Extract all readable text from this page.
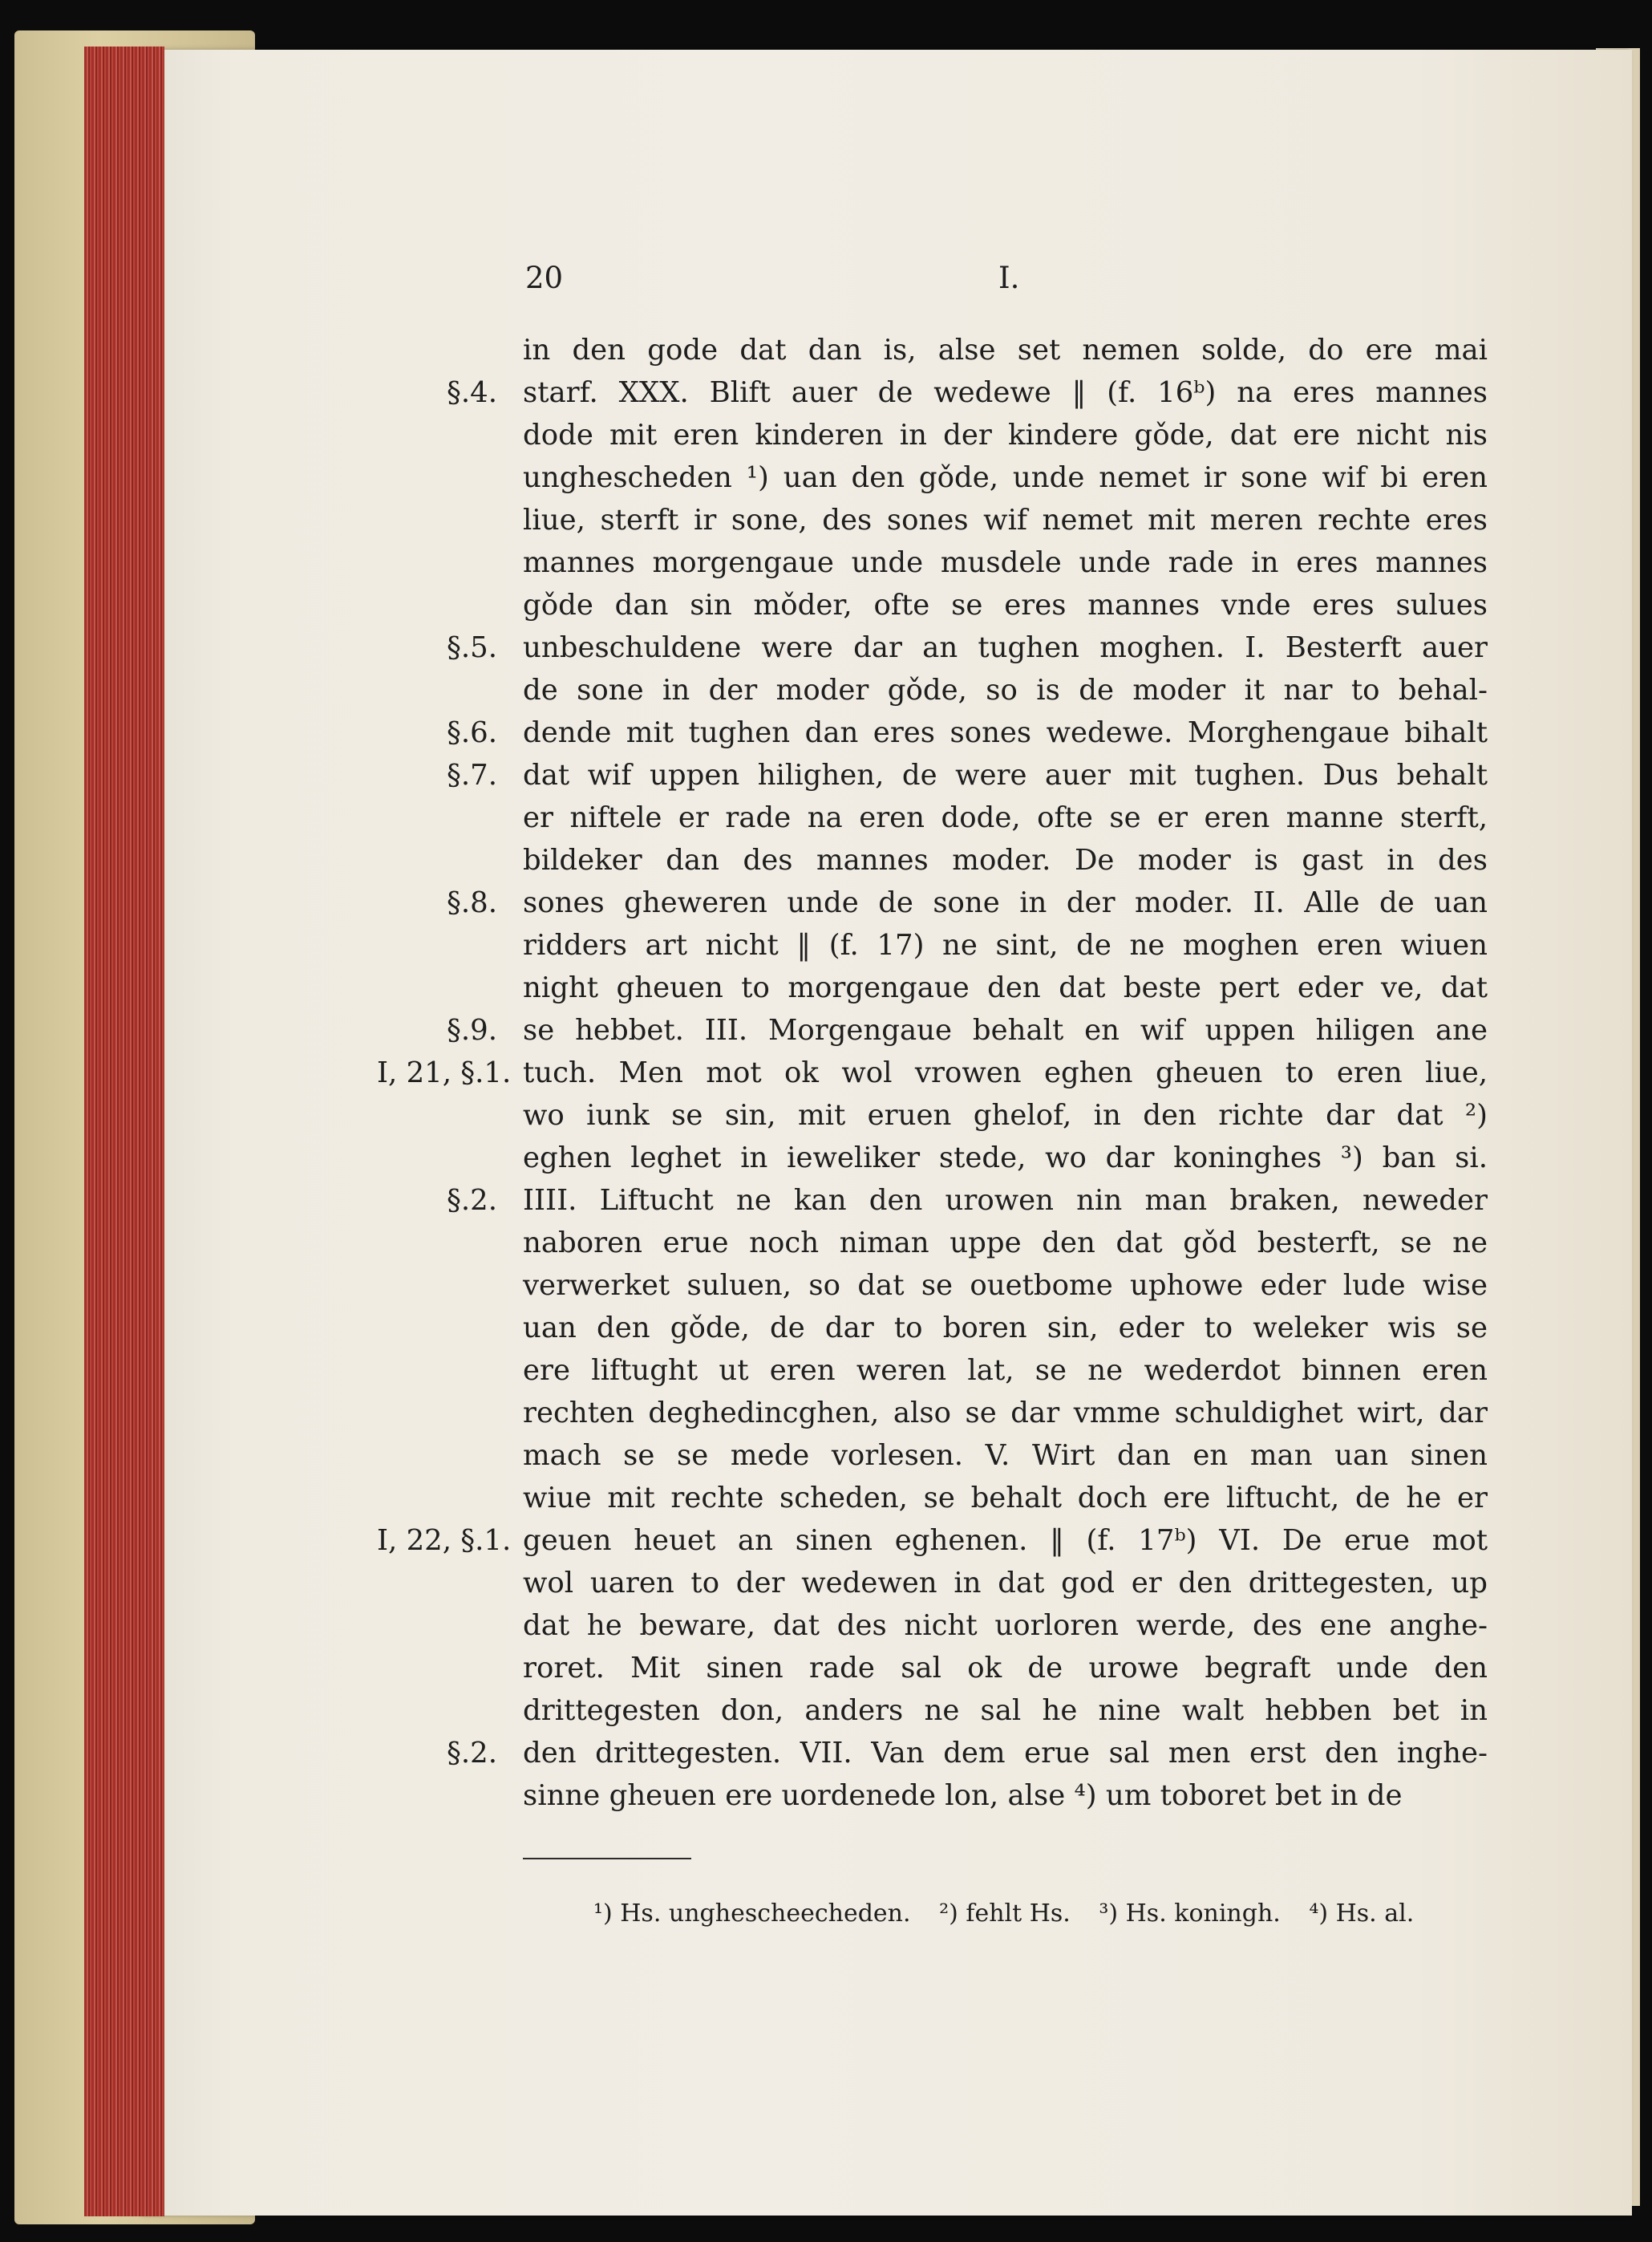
20	I.
in den gode dat dan is, alse set nemen solde, do ere mai
§.4. starf. XXX. Blift auer de wedewe ‖ (f. 16ᵇ) na eres mannes
dode mit eren kinderen in der kindere gǒde, dat ere nicht nis
unghescheden ¹) uan den gǒde, unde nemet ir sone wif bi eren
liue, sterft ir sone, des sones wif nemet mit meren rechte eres
mannes morgengaue unde musdele unde rade in eres mannes
gǒde dan sin mǒder, ofte se eres mannes vnde eres sulues
§.5. unbeschuldene were dar an tughen moghen. I. Besterft auer
de sone in der moder gǒde, so is de moder it nar to behal-
§.6. dende mit tughen dan eres sones wedewe. Morghengaue bihalt
§.7. dat wif uppen hilighen, de were auer mit tughen. Dus behalt
er niftele er rade na eren dode, ofte se er eren manne sterft,
bildeker dan des mannes moder. De moder is gast in des
§.8. sones gheweren unde de sone in der moder. II. Alle de uan
ridders art nicht ‖ (f. 17) ne sint, de ne moghen eren wiuen
night gheuen to morgengaue den dat beste pert eder ve, dat
§.9. se hebbet. III. Morgengaue behalt en wif uppen hiligen ane
I, 21, §.1. tuch. Men mot ok wol vrowen eghen gheuen to eren liue,
wo iunk se sin, mit eruen ghelof, in den richte dar dat ²)
eghen leghet in ieweliker stede, wo dar koninghes ³) ban si.
§.2. IIII. Liftucht ne kan den urowen nin man braken, neweder
naboren erue noch niman uppe den dat gǒd besterft, se ne
verwerket suluen, so dat se ouetbome uphowe eder lude wise
uan den gǒde, de dar to boren sin, eder to weleker wis se
ere liftught ut eren weren lat, se ne wederdot binnen eren
rechten deghedincghen, also se dar vmme schuldighet wirt, dar
mach se se mede vorlesen. V. Wirt dan en man uan sinen
wiue mit rechte scheden, se behalt doch ere liftucht, de he er
I, 22, §.1. geuen heuet an sinen eghenen. ‖ (f. 17ᵇ) VI. De erue mot
wol uaren to der wedewen in dat god er den drittegesten, up
dat he beware, dat des nicht uorloren werde, des ene anghe-
roret. Mit sinen rade sal ok de urowe begraft unde den
drittegesten don, anders ne sal he nine walt hebben bet in
§.2. den drittegesten. VII. Van dem erue sal men erst den inghe-
sinne gheuen ere uordenede lon, alse ⁴) um toboret bet in de
¹) Hs. unghescheecheden. ²) fehlt Hs. ³) Hs. koningh. ⁴) Hs. al.
